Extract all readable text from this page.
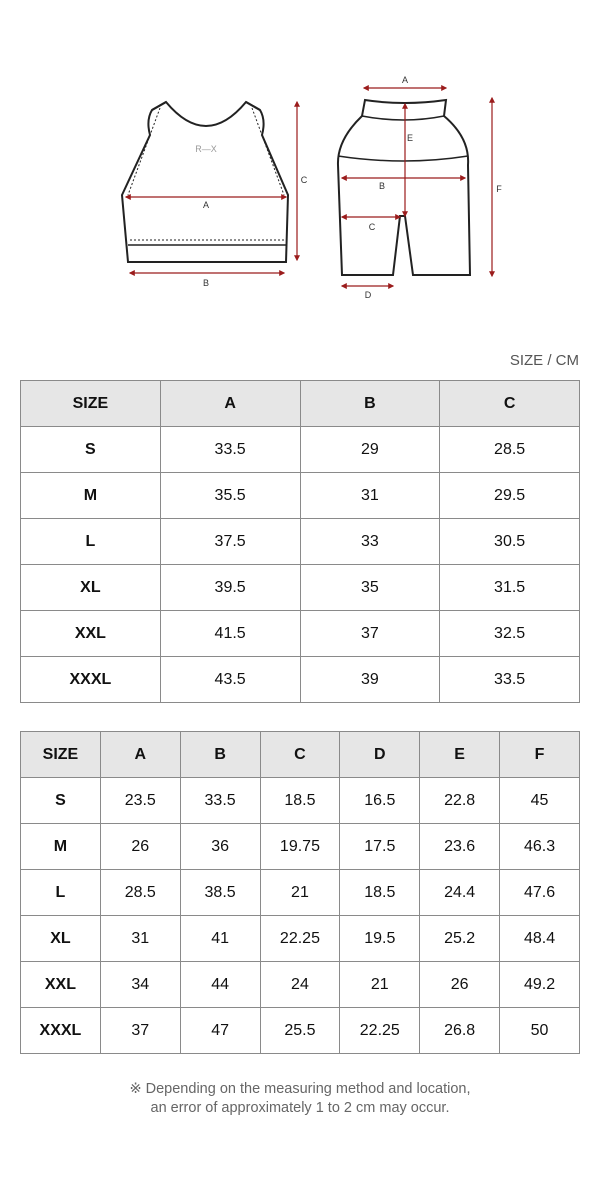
R—X
A
B
C
A
E
B
C
D
F
SIZE / CM
SIZE	A	B	C
S	33.5	29	28.5
M	35.5	31	29.5
L	37.5	33	30.5
XL	39.5	35	31.5
XXL	41.5	37	32.5
XXXL	43.5	39	33.5
SIZE	A	B	C	D	E	F
S	23.5	33.5	18.5	16.5	22.8	45
M	26	36	19.75	17.5	23.6	46.3
L	28.5	38.5	21	18.5	24.4	47.6
XL	31	41	22.25	19.5	25.2	48.4
XXL	34	44	24	21	26	49.2
XXXL	37	47	25.5	22.25	26.8	50
※ Depending on the measuring method and location,
an error of approximately 1 to 2 cm may occur.
